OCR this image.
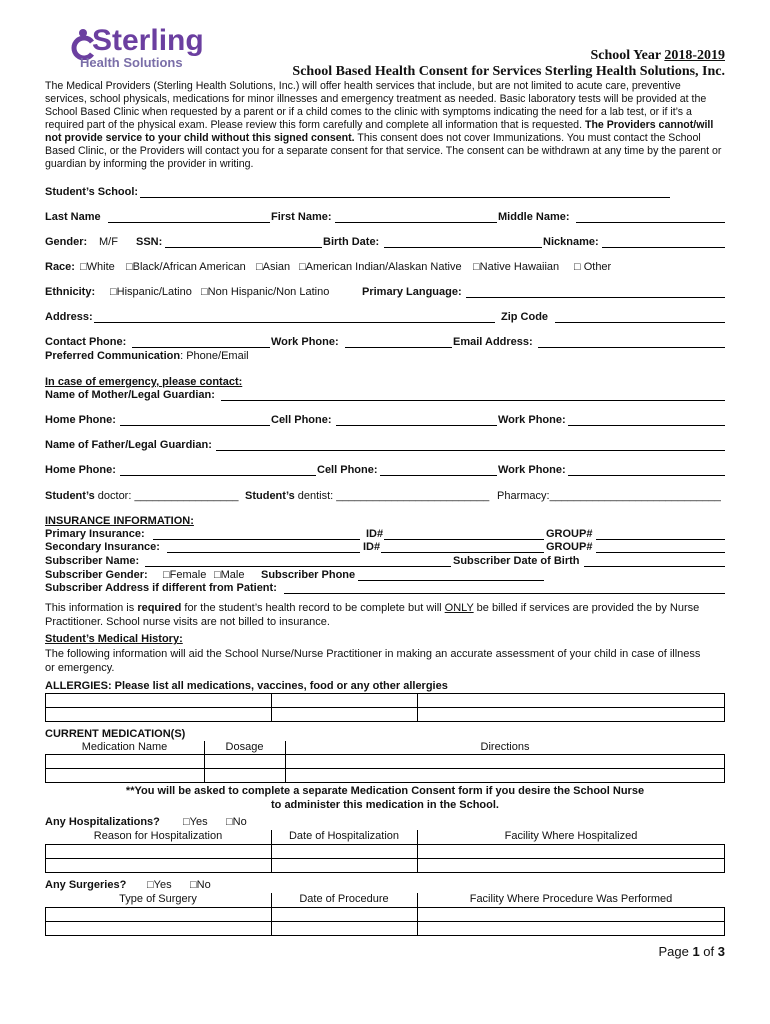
Sterling
Health Solutions	School Year 2018-2019
School Based Health Consent for Services Sterling Health Solutions, Inc.
The Medical Providers (Sterling Health Solutions, Inc.) will offer health services that include, but are not limited to acute care, preventive services, school physicals, medications for minor illnesses and emergency treatment as needed. Basic laboratory tests will be provided at the School Based Clinic when requested by a parent or if a child comes to the clinic with symptoms indicating the need for a lab test, or if it’s a required part of the physical exam. Please review this form carefully and complete all information that is requested. The Providers cannot/will not provide service to your child without this signed consent. This consent does not cover Immunizations. You must contact the School Based Clinic, or the Providers will contact you for a separate consent for that service. The consent can be withdrawn at any time by the parent or guardian by informing the provider in writing.
Student’s School:
Last Name	First Name:	Middle Name:
Gender: M/F SSN:	Birth Date:	Nickname:
Race: □White □Black/African American □Asian □American Indian/Alaskan Native □Native Hawaiian □ Other
Ethnicity: □Hispanic/Latino □Non Hispanic/Non Latino	Primary Language:
Address:	Zip Code
Contact Phone:	Work Phone:	Email Address:
Preferred Communication: Phone/Email
In case of emergency, please contact:
Name of Mother/Legal Guardian:
Home Phone:	Cell Phone:	Work Phone:
Name of Father/Legal Guardian:
Home Phone:	Cell Phone:	Work Phone:
Student’s doctor: _________________ Student’s dentist: _________________________ Pharmacy:____________________________
INSURANCE INFORMATION:
Primary Insurance:	ID#	GROUP#
Secondary Insurance:	ID#	GROUP#
Subscriber Name:	Subscriber Date of Birth
Subscriber Gender: □Female □Male Subscriber Phone
Subscriber Address if different from Patient:
This information is required for the student’s health record to be complete but will ONLY be billed if services are provided the by Nurse
Practitioner. School nurse visits are not billed to insurance.
Student’s Medical History:
The following information will aid the School Nurse/Nurse Practitioner in making an accurate assessment of your child in case of illness
or emergency.
ALLERGIES: Please list all medications, vaccines, food or any other allergies

CURRENT MEDICATION(S)
Medication Name	Dosage	Directions

**You will be asked to complete a separate Medication Consent form if you desire the School Nurse
to administer this medication in the School.
Any Hospitalizations? □Yes □No
Reason for Hospitalization	Date of Hospitalization	Facility Where Hospitalized

Any Surgeries? □Yes □No
Type of Surgery	Date of Procedure	Facility Where Procedure Was Performed

Page 1 of 3
